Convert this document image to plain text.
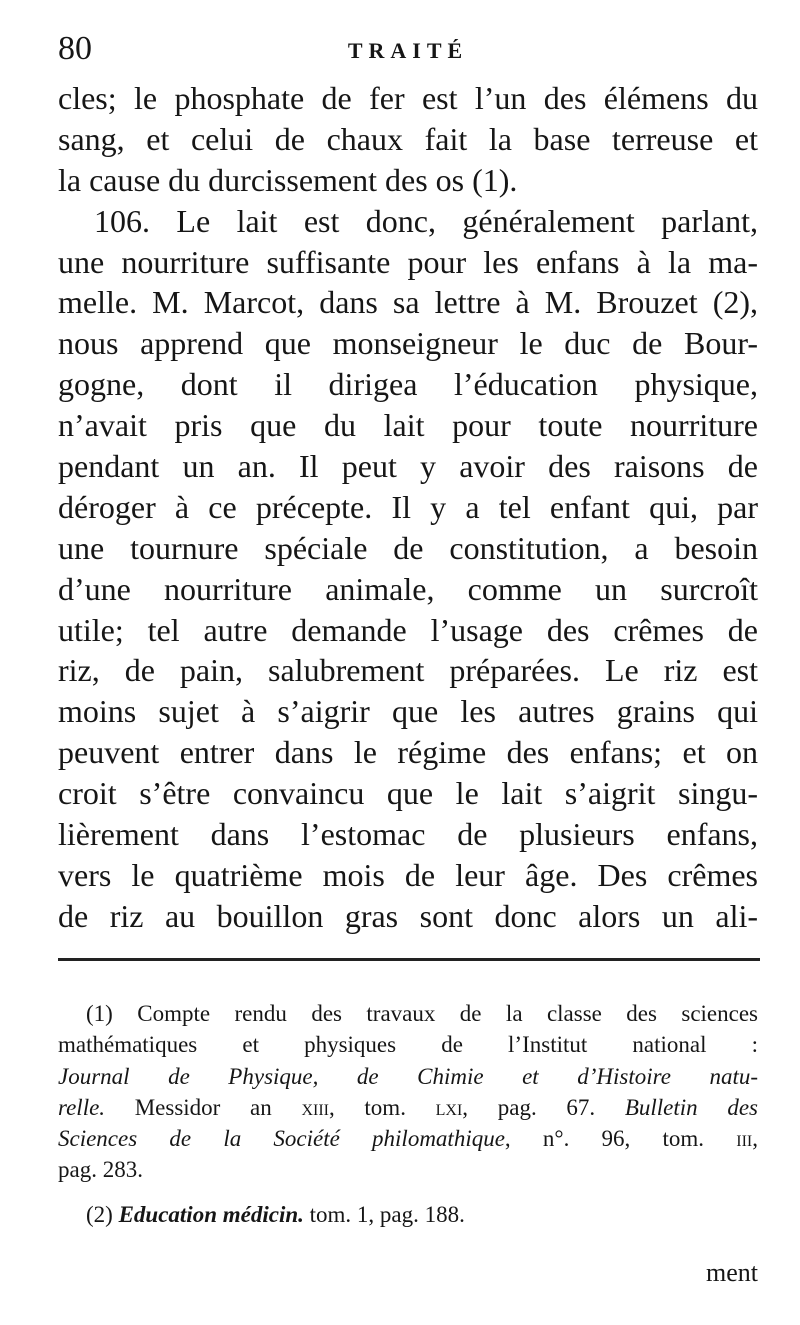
80	TRAITÉ
cles; le phosphate de fer est l’un des élémens du
sang, et celui de chaux fait la base terreuse et
la cause du durcissement des os (1).
106. Le lait est donc, généralement parlant,
une nourriture suffisante pour les enfans à la ma-
melle. M. Marcot, dans sa lettre à M. Brouzet (2),
nous apprend que monseigneur le duc de Bour-
gogne, dont il dirigea l’éducation physique,
n’avait pris que du lait pour toute nourriture
pendant un an. Il peut y avoir des raisons de
déroger à ce précepte. Il y a tel enfant qui, par
une tournure spéciale de constitution, a besoin
d’une nourriture animale, comme un surcroît
utile; tel autre demande l’usage des crêmes de
riz, de pain, salubrement préparées. Le riz est
moins sujet à s’aigrir que les autres grains qui
peuvent entrer dans le régime des enfans; et on
croit s’être convaincu que le lait s’aigrit singu-
lièrement dans l’estomac de plusieurs enfans,
vers le quatrième mois de leur âge. Des crêmes
de riz au bouillon gras sont donc alors un ali-
(1) Compte rendu des travaux de la classe des sciences
mathématiques et physiques de l’Institut national :
Journal de Physique, de Chimie et d’Histoire natu-
relle. Messidor an xiii, tom. lxi, pag. 67. Bulletin des
Sciences de la Société philomathique, n°. 96, tom. iii,
pag. 283.
(2) Education médicin. tom. 1, pag. 188.
ment
